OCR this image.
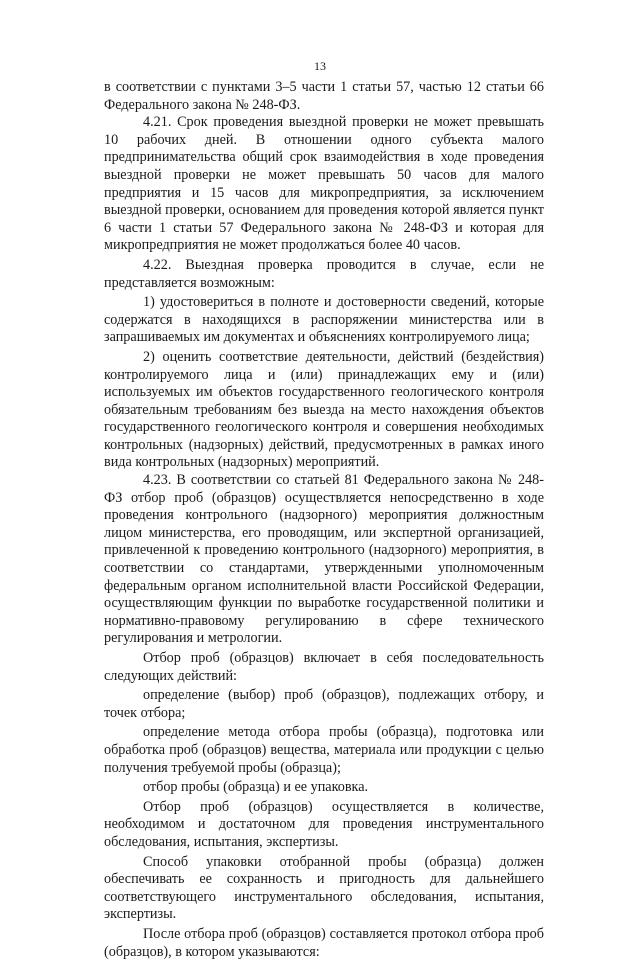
13

в соответствии с пунктами 3–5 части 1 статьи 57, частью 12 статьи 66 Федерального закона № 248-ФЗ.

4.21. Срок проведения выездной проверки не может превышать 10 рабочих дней. В отношении одного субъекта малого предпринимательства общий срок взаимодействия в ходе проведения выездной проверки не может превышать 50 часов для малого предприятия и 15 часов для микропредприятия, за исключением выездной проверки, основанием для проведения которой является пункт 6 части 1 статьи 57 Федерального закона № 248-ФЗ и которая для микропредприятия не может продолжаться более 40 часов.

4.22. Выездная проверка проводится в случае, если не представляется возможным:

1) удостовериться в полноте и достоверности сведений, которые содержатся в находящихся в распоряжении министерства или в запрашиваемых им документах и объяснениях контролируемого лица;

2) оценить соответствие деятельности, действий (бездействия) контролируемого лица и (или) принадлежащих ему и (или) используемых им объектов государственного геологического контроля обязательным требованиям без выезда на место нахождения объектов государственного геологического контроля и совершения необходимых контрольных (надзорных) действий, предусмотренных в рамках иного вида контрольных (надзорных) мероприятий.

4.23. В соответствии со статьей 81 Федерального закона № 248-ФЗ отбор проб (образцов) осуществляется непосредственно в ходе проведения контрольного (надзорного) мероприятия должностным лицом министерства, его проводящим, или экспертной организацией, привлеченной к проведению контрольного (надзорного) мероприятия, в соответствии со стандартами, утвержденными уполномоченным федеральным органом исполнительной власти Российской Федерации, осуществляющим функции по выработке государственной политики и нормативно-правовому регулированию в сфере технического регулирования и метрологии.

Отбор проб (образцов) включает в себя последовательность следующих действий:

определение (выбор) проб (образцов), подлежащих отбору, и точек отбора;

определение метода отбора пробы (образца), подготовка или обработка проб (образцов) вещества, материала или продукции с целью получения требуемой пробы (образца);

отбор пробы (образца) и ее упаковка.

Отбор проб (образцов) осуществляется в количестве, необходимом и достаточном для проведения инструментального обследования, испытания, экспертизы.

Способ упаковки отобранной пробы (образца) должен обеспечивать ее сохранность и пригодность для дальнейшего соответствующего инструментального обследования, испытания, экспертизы.

После отбора проб (образцов) составляется протокол отбора проб (образцов), в котором указываются:
